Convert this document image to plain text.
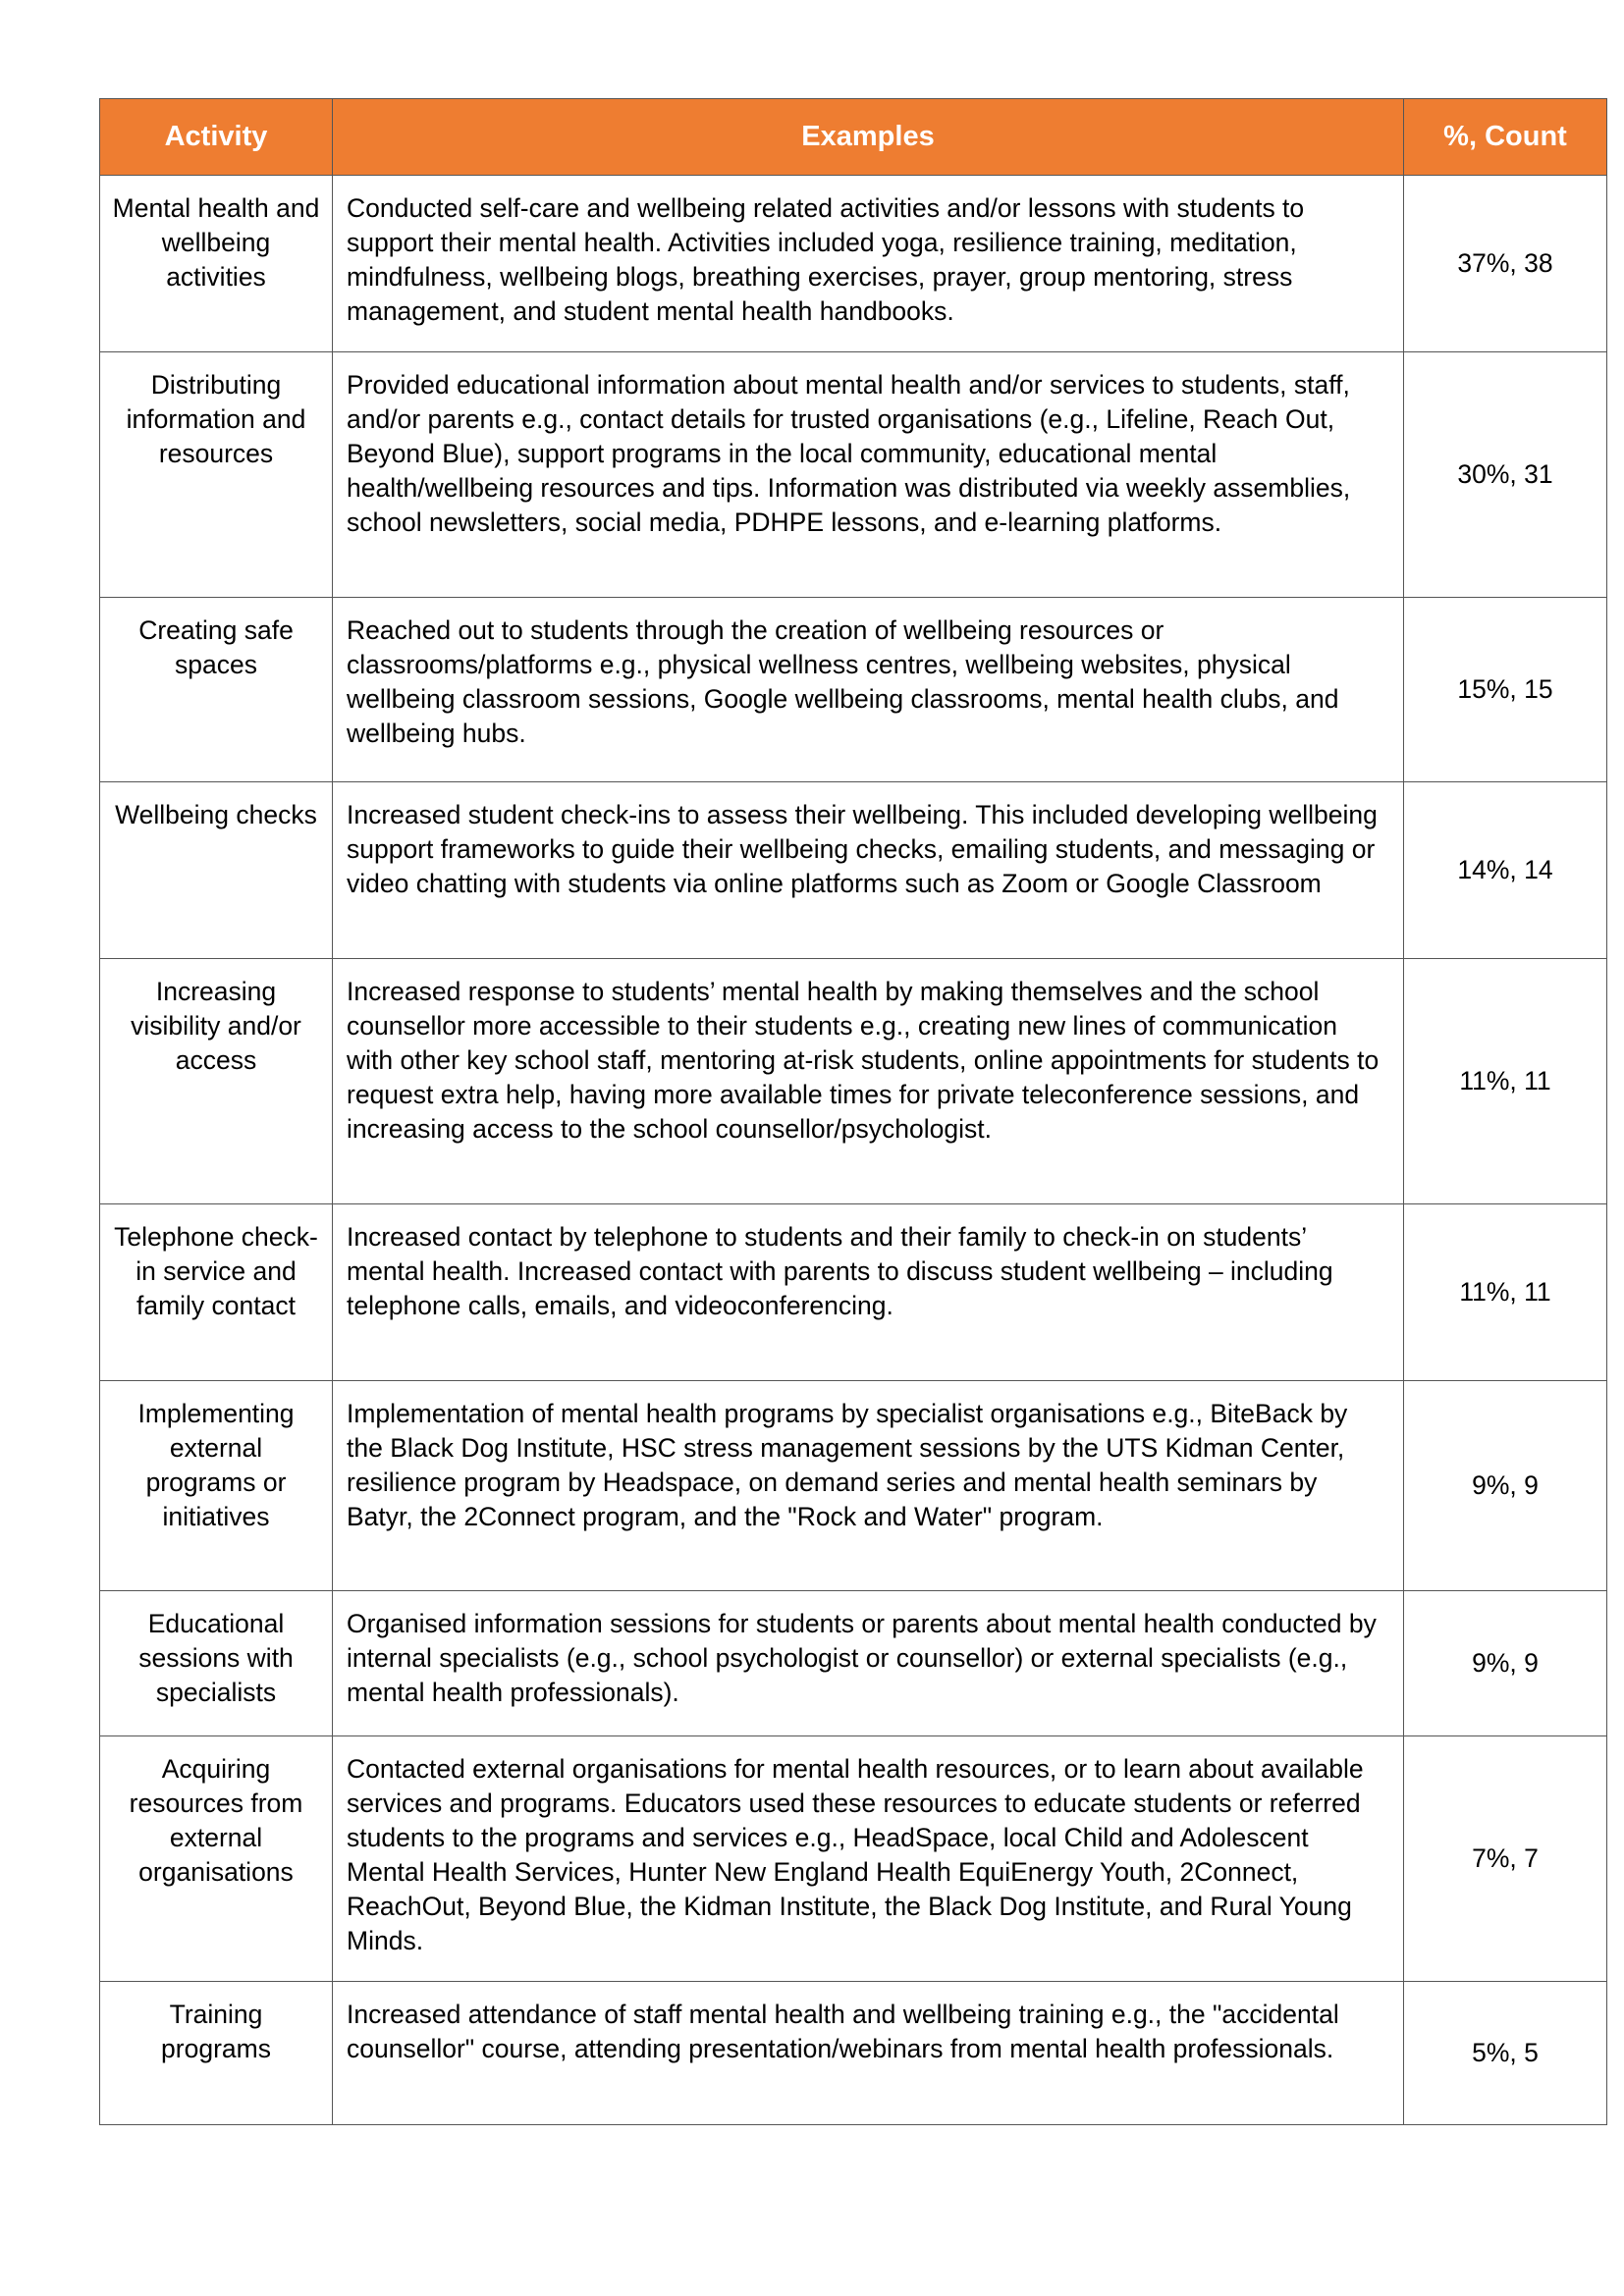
Activity	Examples	%, Count
Mental health and wellbeing activities	Conducted self-care and wellbeing related activities and/or lessons with students to support their mental health. Activities included yoga, resilience training, meditation, mindfulness, wellbeing blogs, breathing exercises, prayer, group mentoring, stress management, and student mental health handbooks.	37%, 38
Distributing information and resources	Provided educational information about mental health and/or services to students, staff, and/or parents e.g., contact details for trusted organisations (e.g., Lifeline, Reach Out, Beyond Blue), support programs in the local community, educational mental health/wellbeing resources and tips. Information was distributed via weekly assemblies, school newsletters, social media, PDHPE lessons, and e-learning platforms.	30%, 31
Creating safe spaces	Reached out to students through the creation of wellbeing resources or classrooms/platforms e.g., physical wellness centres, wellbeing websites, physical wellbeing classroom sessions, Google wellbeing classrooms, mental health clubs, and wellbeing hubs.	15%, 15
Wellbeing checks	Increased student check-ins to assess their wellbeing. This included developing wellbeing support frameworks to guide their wellbeing checks, emailing students, and messaging or video chatting with students via online platforms such as Zoom or Google Classroom	14%, 14
Increasing visibility and/or access	Increased response to students’ mental health by making themselves and the school counsellor more accessible to their students e.g., creating new lines of communication with other key school staff, mentoring at-risk students, online appointments for students to request extra help, having more available times for private teleconference sessions, and increasing access to the school counsellor/psychologist.	11%, 11
Telephone check-in service and family contact	Increased contact by telephone to students and their family to check-in on students’ mental health. Increased contact with parents to discuss student wellbeing – including telephone calls, emails, and videoconferencing.	11%, 11
Implementing external programs or initiatives	Implementation of mental health programs by specialist organisations e.g., BiteBack by the Black Dog Institute, HSC stress management sessions by the UTS Kidman Center, resilience program by Headspace, on demand series and mental health seminars by Batyr, the 2Connect program, and the "Rock and Water" program.	9%, 9
Educational sessions with specialists	Organised information sessions for students or parents about mental health conducted by internal specialists (e.g., school psychologist or counsellor) or external specialists (e.g., mental health professionals).	9%, 9
Acquiring resources from external organisations	Contacted external organisations for mental health resources, or to learn about available services and programs. Educators used these resources to educate students or referred students to the programs and services e.g., HeadSpace, local Child and Adolescent Mental Health Services, Hunter New England Health EquiEnergy Youth, 2Connect, ReachOut, Beyond Blue, the Kidman Institute, the Black Dog Institute, and Rural Young Minds.	7%, 7
Training programs	Increased attendance of staff mental health and wellbeing training e.g., the "accidental counsellor" course, attending presentation/webinars from mental health professionals.	5%, 5
